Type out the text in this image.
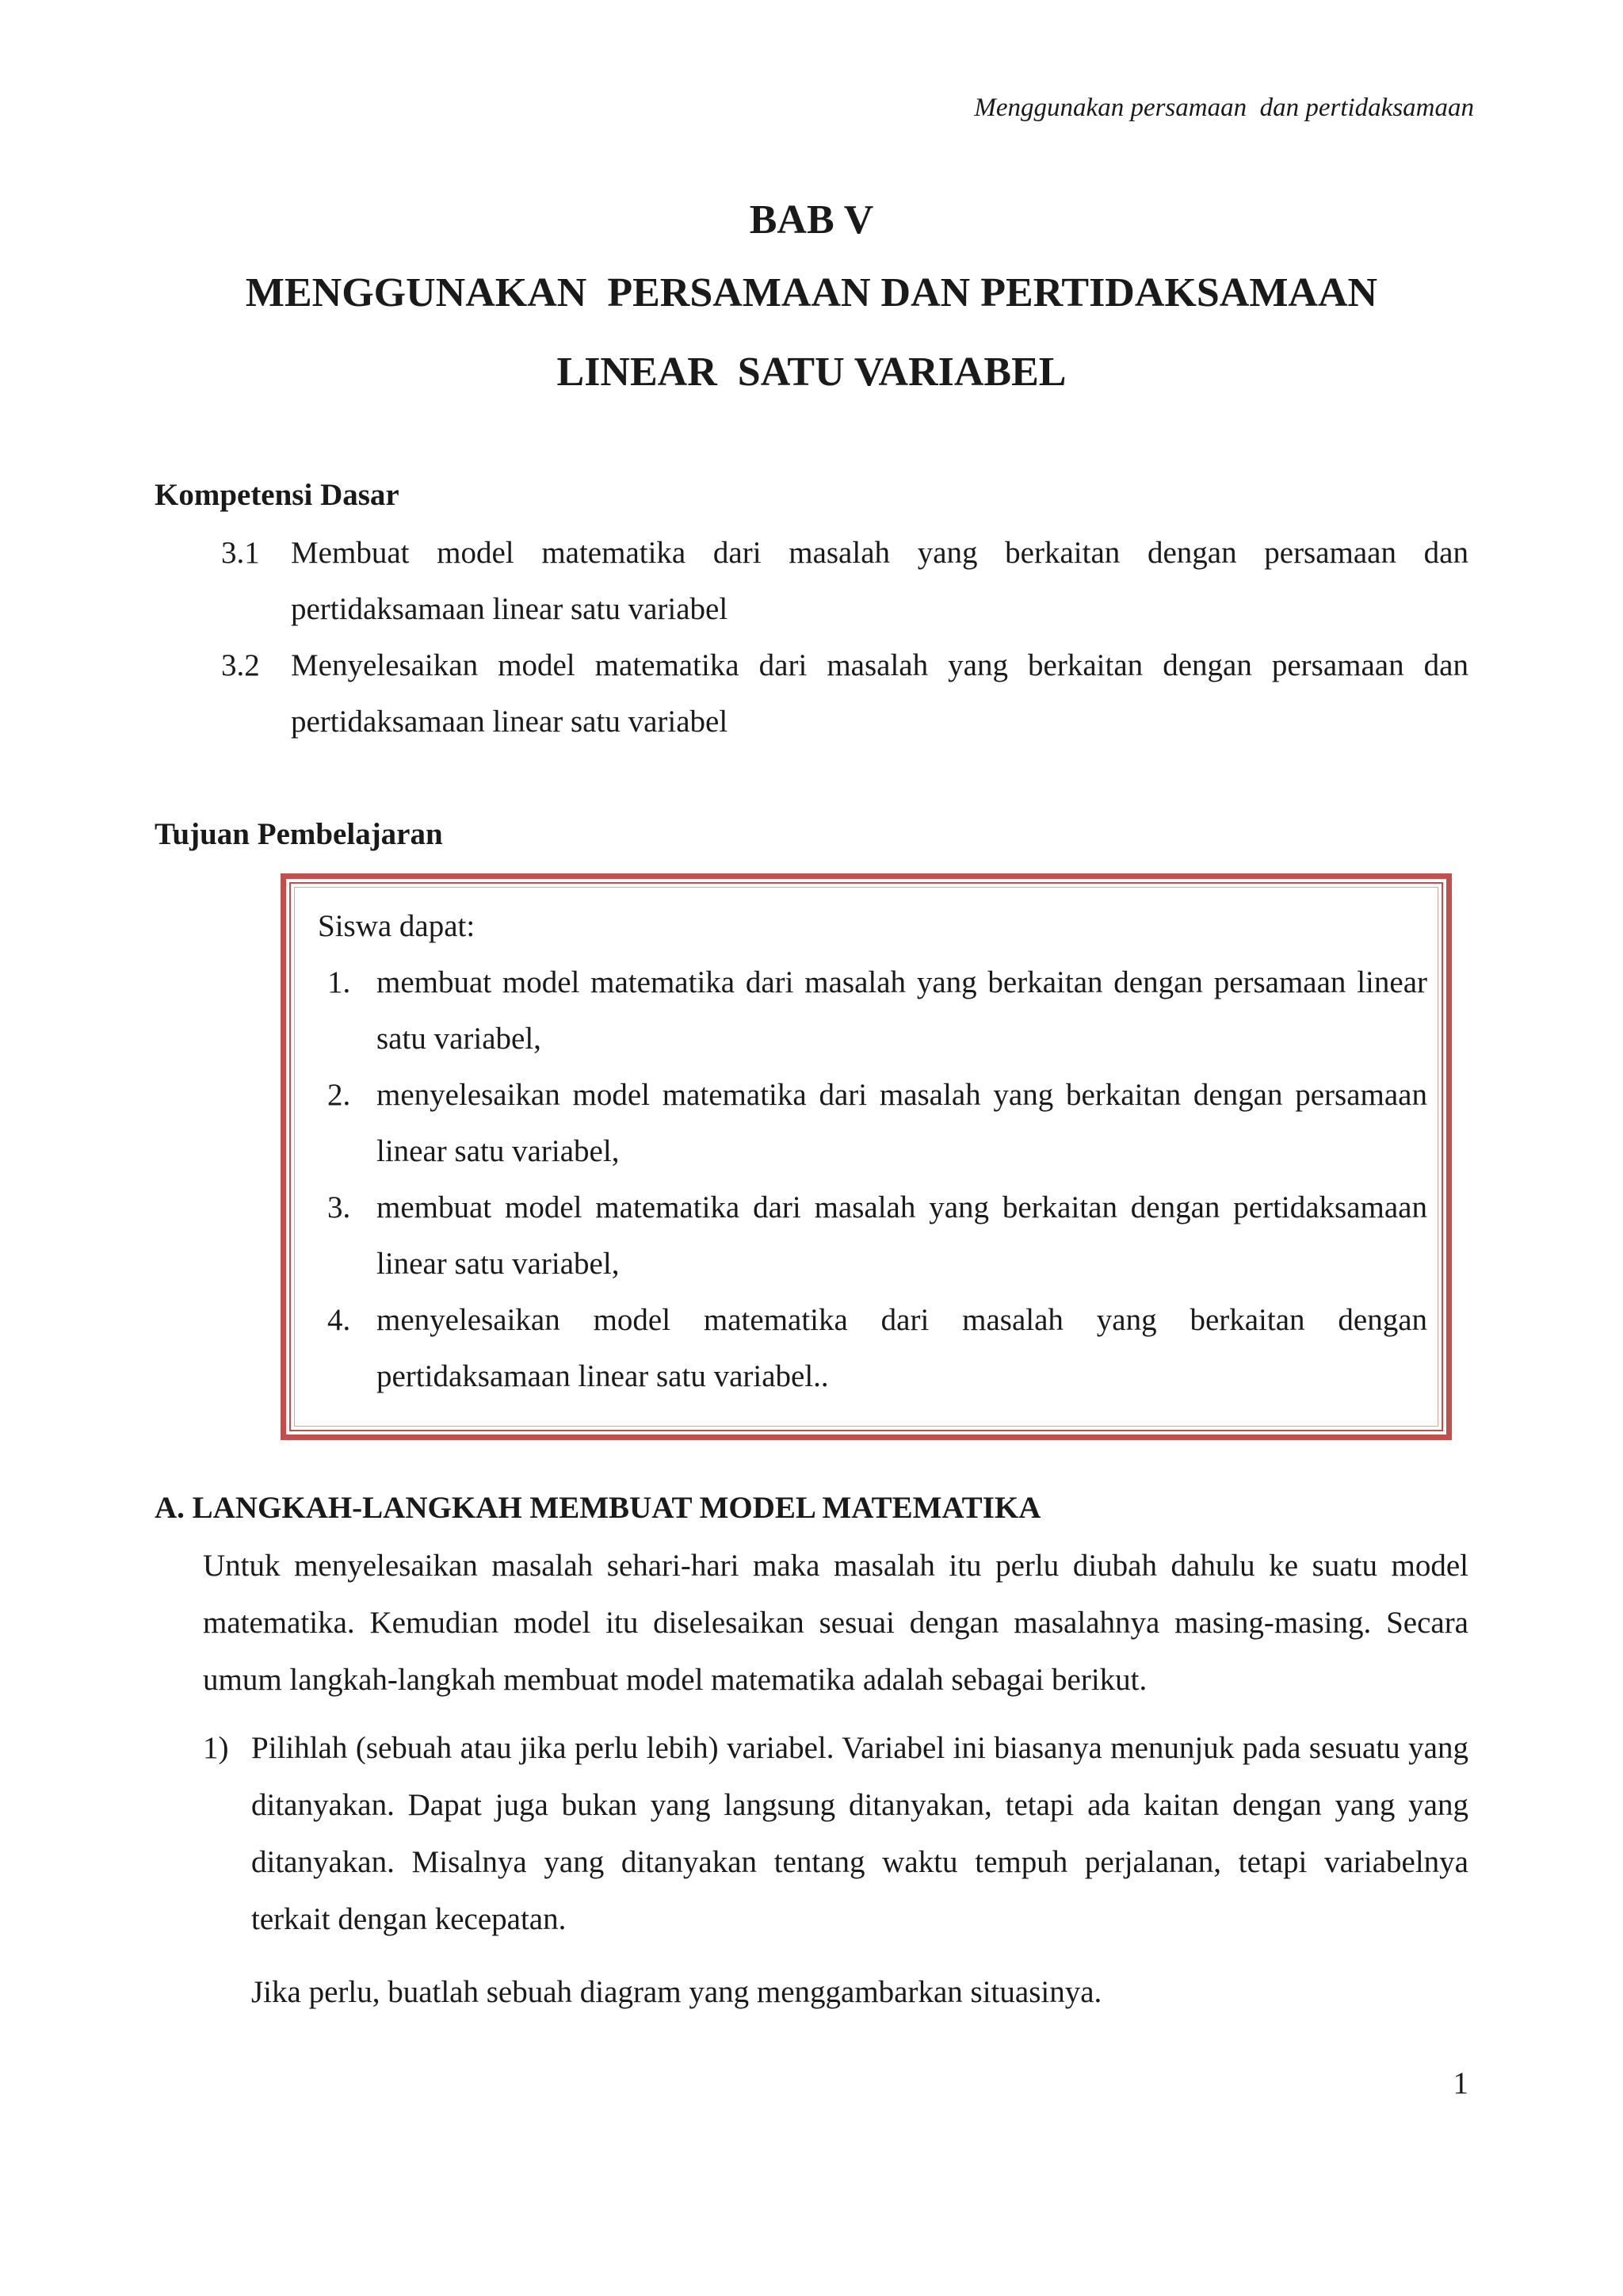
Menggunakan persamaan  dan pertidaksamaan
BAB V
MENGGUNAKAN  PERSAMAAN DAN PERTIDAKSAMAAN
LINEAR  SATU VARIABEL
Kompetensi Dasar
3.1 Membuat model matematika dari masalah yang berkaitan dengan persamaan dan pertidaksamaan linear satu variabel
3.2 Menyelesaikan model matematika dari masalah yang berkaitan dengan persamaan dan pertidaksamaan linear satu variabel
Tujuan Pembelajaran
Siswa dapat:
1. membuat model matematika dari masalah yang berkaitan dengan persamaan linear satu variabel,
2. menyelesaikan model matematika dari masalah yang berkaitan dengan persamaan linear satu variabel,
3. membuat model matematika dari masalah yang berkaitan dengan pertidaksamaan linear satu variabel,
4. menyelesaikan model matematika dari masalah yang berkaitan dengan pertidaksamaan linear satu variabel..
A. LANGKAH-LANGKAH MEMBUAT MODEL MATEMATIKA
Untuk menyelesaikan masalah sehari-hari maka masalah itu perlu diubah dahulu ke suatu model matematika. Kemudian model itu diselesaikan sesuai dengan masalahnya masing-masing. Secara umum langkah-langkah membuat model matematika adalah sebagai berikut.
1) Pilihlah (sebuah atau jika perlu lebih) variabel. Variabel ini biasanya menunjuk pada sesuatu yang ditanyakan. Dapat juga bukan yang langsung ditanyakan, tetapi ada kaitan dengan yang yang ditanyakan. Misalnya yang ditanyakan tentang waktu tempuh perjalanan, tetapi variabelnya terkait dengan kecepatan.
Jika perlu, buatlah sebuah diagram yang menggambarkan situasinya.
1
